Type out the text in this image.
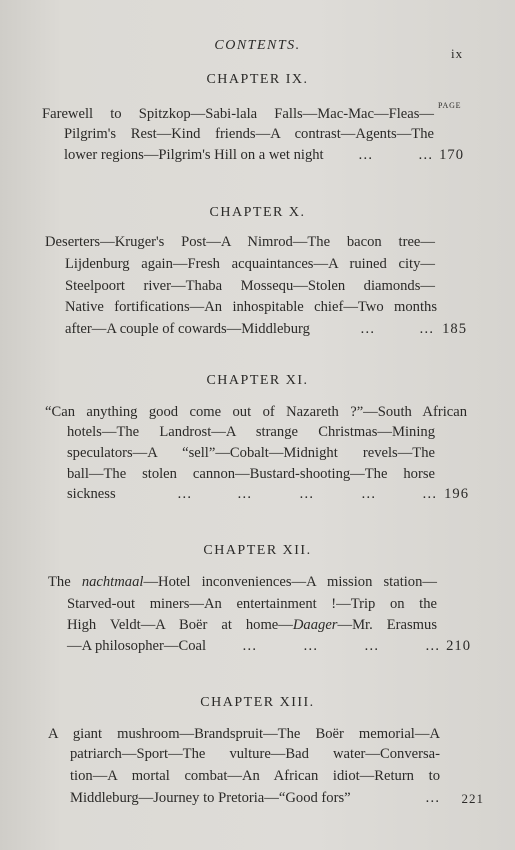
CONTENTS.
ix
CHAPTER IX.
PAGE
Farewell to Spitzkop—Sabi-lala Falls—Mac-Mac—Fleas—
Pilgrim's Rest—Kind friends—A contrast—Agents—The
lower regions—Pilgrim's Hill on a wet night …	… 170
CHAPTER X.
Deserters—Kruger's Post—A Nimrod—The bacon tree—
Lijdenburg again—Fresh acquaintances—A ruined city—
Steelpoort river—Thaba Mossequ—Stolen diamonds—
Native fortifications—An inhospitable chief—Two months
after—A couple of cowards—Middleburg	…	… 185
CHAPTER XI.
“Can anything good come out of Nazareth ?”—South African
hotels—The Landrost—A strange Christmas—Mining
speculators—A “sell”—Cobalt—Midnight revels—The
ball—The stolen cannon—Bustard-shooting—The horse
sickness	…	…	…	…	… 196
CHAPTER XII.
The nachtmaal—Hotel inconveniences—A mission station—
Starved-out miners—An entertainment !—Trip on the
High Veldt—A Boër at home—Daager—Mr. Erasmus
—A philosopher—Coal …	…	…	… 210
CHAPTER XIII.
A giant mushroom—Brandspruit—The Boër memorial—A
patriarch—Sport—The vulture—Bad water—Conversa-
tion—A mortal combat—An African idiot—Return to
Middleburg—Journey to Pretoria—“Good fors”	… 221
